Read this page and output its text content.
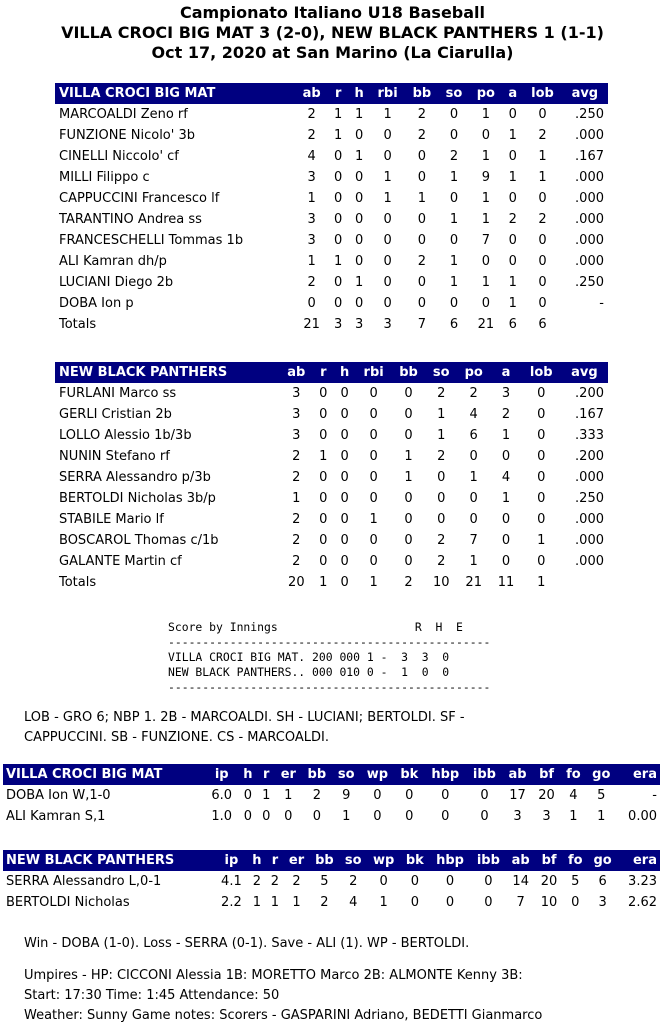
Campionato Italiano U18 Baseball
VILLA CROCI BIG MAT 3 (2-0), NEW BLACK PANTHERS 1 (1-1)
Oct 17, 2020 at San Marino (La Ciarulla)
VILLA CROCI BIG MAT	ab	r	h	rbi	bb	so	po	a	lob	avg
MARCOALDI Zeno rf	2	1	1	1	2	0	1	0	0	.250
FUNZIONE Nicolo' 3b	2	1	0	0	2	0	0	1	2	.000
CINELLI Niccolo' cf	4	0	1	0	0	2	1	0	1	.167
MILLI Filippo c	3	0	0	1	0	1	9	1	1	.000
CAPPUCCINI Francesco lf	1	0	0	1	1	0	1	0	0	.000
TARANTINO Andrea ss	3	0	0	0	0	1	1	2	2	.000
FRANCESCHELLI Tommas 1b	3	0	0	0	0	0	7	0	0	.000
ALI Kamran dh/p	1	1	0	0	2	1	0	0	0	.000
LUCIANI Diego 2b	2	0	1	0	0	1	1	1	0	.250
DOBA Ion p	0	0	0	0	0	0	0	1	0	-
Totals	21	3	3	3	7	6	21	6	6	
NEW BLACK PANTHERS	ab	r	h	rbi	bb	so	po	a	lob	avg
FURLANI Marco ss	3	0	0	0	0	2	2	3	0	.200
GERLI Cristian 2b	3	0	0	0	0	1	4	2	0	.167
LOLLO Alessio 1b/3b	3	0	0	0	0	1	6	1	0	.333
NUNIN Stefano rf	2	1	0	0	1	2	0	0	0	.200
SERRA Alessandro p/3b	2	0	0	0	1	0	1	4	0	.000
BERTOLDI Nicholas 3b/p	1	0	0	0	0	0	0	1	0	.250
STABILE Mario lf	2	0	0	1	0	0	0	0	0	.000
BOSCAROL Thomas c/1b	2	0	0	0	0	2	7	0	1	.000
GALANTE Martin cf	2	0	0	0	0	2	1	0	0	.000
Totals	20	1	0	1	2	10	21	11	1	
Score by Innings                    R  H  E
-----------------------------------------------
VILLA CROCI BIG MAT. 200 000 1 -  3  3  0
NEW BLACK PANTHERS.. 000 010 0 -  1  0  0
-----------------------------------------------
LOB - GRO 6; NBP 1. 2B - MARCOALDI. SH - LUCIANI; BERTOLDI. SF -
CAPPUCCINI. SB - FUNZIONE. CS - MARCOALDI.
VILLA CROCI BIG MAT	ip	h	r	er	bb	so	wp	bk	hbp	ibb	ab	bf	fo	go	era
DOBA Ion W,1-0	6.0	0	1	1	2	9	0	0	0	0	17	20	4	5	-
ALI Kamran S,1	1.0	0	0	0	0	1	0	0	0	0	3	3	1	1	0.00
NEW BLACK PANTHERS	ip	h	r	er	bb	so	wp	bk	hbp	ibb	ab	bf	fo	go	era
SERRA Alessandro L,0-1	4.1	2	2	2	5	2	0	0	0	0	14	20	5	6	3.23
BERTOLDI Nicholas	2.2	1	1	1	2	4	1	0	0	0	7	10	0	3	2.62
Win - DOBA (1-0). Loss - SERRA (0-1). Save - ALI (1). WP - BERTOLDI.
Umpires - HP: CICCONI Alessia 1B: MORETTO Marco 2B: ALMONTE Kenny 3B:
Start: 17:30 Time: 1:45 Attendance: 50
Weather: Sunny Game notes: Scorers - GASPARINI Adriano, BEDETTI Gianmarco
